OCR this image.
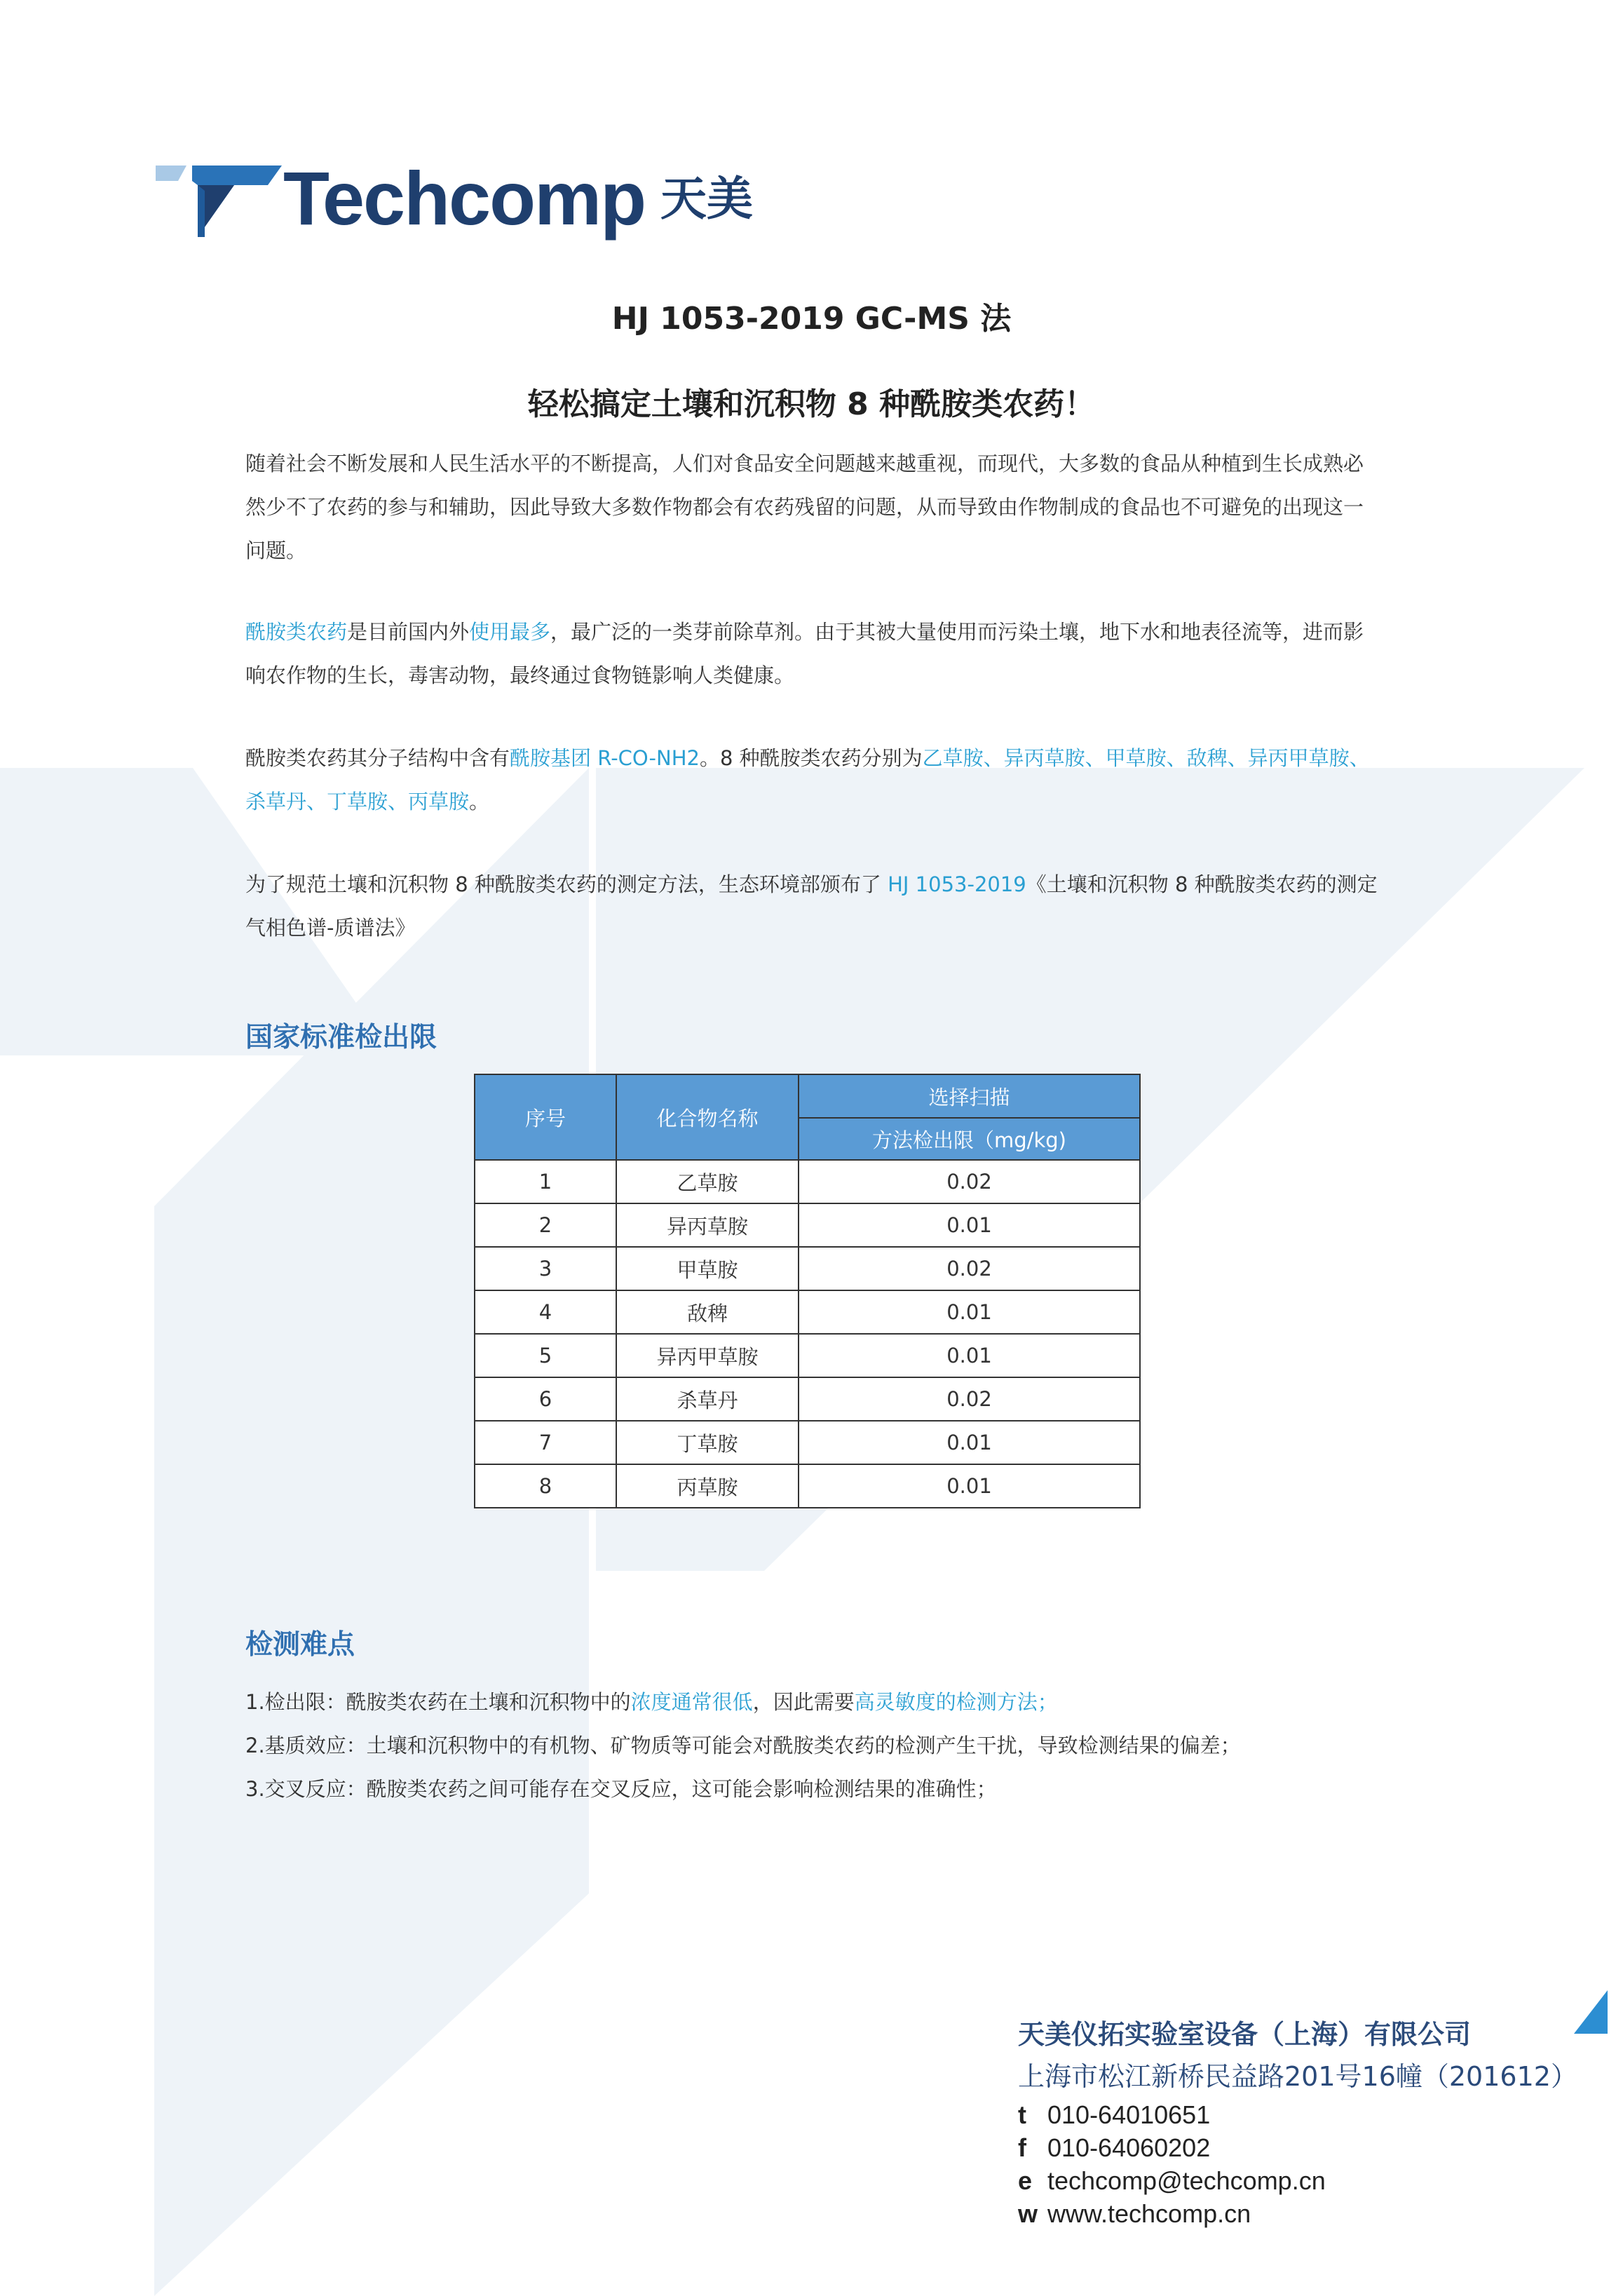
Techcomp 天美
HJ 1053-2019 GC-MS 法
轻松搞定土壤和沉积物 8 种酰胺类农药！
随着社会不断发展和人民生活水平的不断提高，人们对食品安全问题越来越重视，而现代，大多数的食品从种植到生长成熟必然少不了农药的参与和辅助，因此导致大多数作物都会有农药残留的问题，从而导致由作物制成的食品也不可避免的出现这一问题。
酰胺类农药是目前国内外使用最多，最广泛的一类芽前除草剂。由于其被大量使用而污染土壤，地下水和地表径流等，进而影响农作物的生长，毒害动物，最终通过食物链影响人类健康。
酰胺类农药其分子结构中含有酰胺基团 R-CO-NH2。8 种酰胺类农药分别为乙草胺、异丙草胺、甲草胺、敌稗、异丙甲草胺、杀草丹、丁草胺、丙草胺。
为了规范土壤和沉积物 8 种酰胺类农药的测定方法，生态环境部颁布了 HJ 1053-2019《土壤和沉积物 8 种酰胺类农药的测定 气相色谱-质谱法》
国家标准检出限
序号	化合物名称	选择扫描
		方法检出限（mg/kg)
1	乙草胺	0.02
2	异丙草胺	0.01
3	甲草胺	0.02
4	敌稗	0.01
5	异丙甲草胺	0.01
6	杀草丹	0.02
7	丁草胺	0.01
8	丙草胺	0.01
检测难点
1.检出限：酰胺类农药在土壤和沉积物中的浓度通常很低，因此需要高灵敏度的检测方法；
2.基质效应：土壤和沉积物中的有机物、矿物质等可能会对酰胺类农药的检测产生干扰，导致检测结果的偏差；
3.交叉反应：酰胺类农药之间可能存在交叉反应，这可能会影响检测结果的准确性；
天美仪拓实验室设备（上海）有限公司
上海市松江新桥民益路201号16幢（201612）
t 010-64010651
f 010-64060202
e techcomp@techcomp.cn
w www.techcomp.cn
